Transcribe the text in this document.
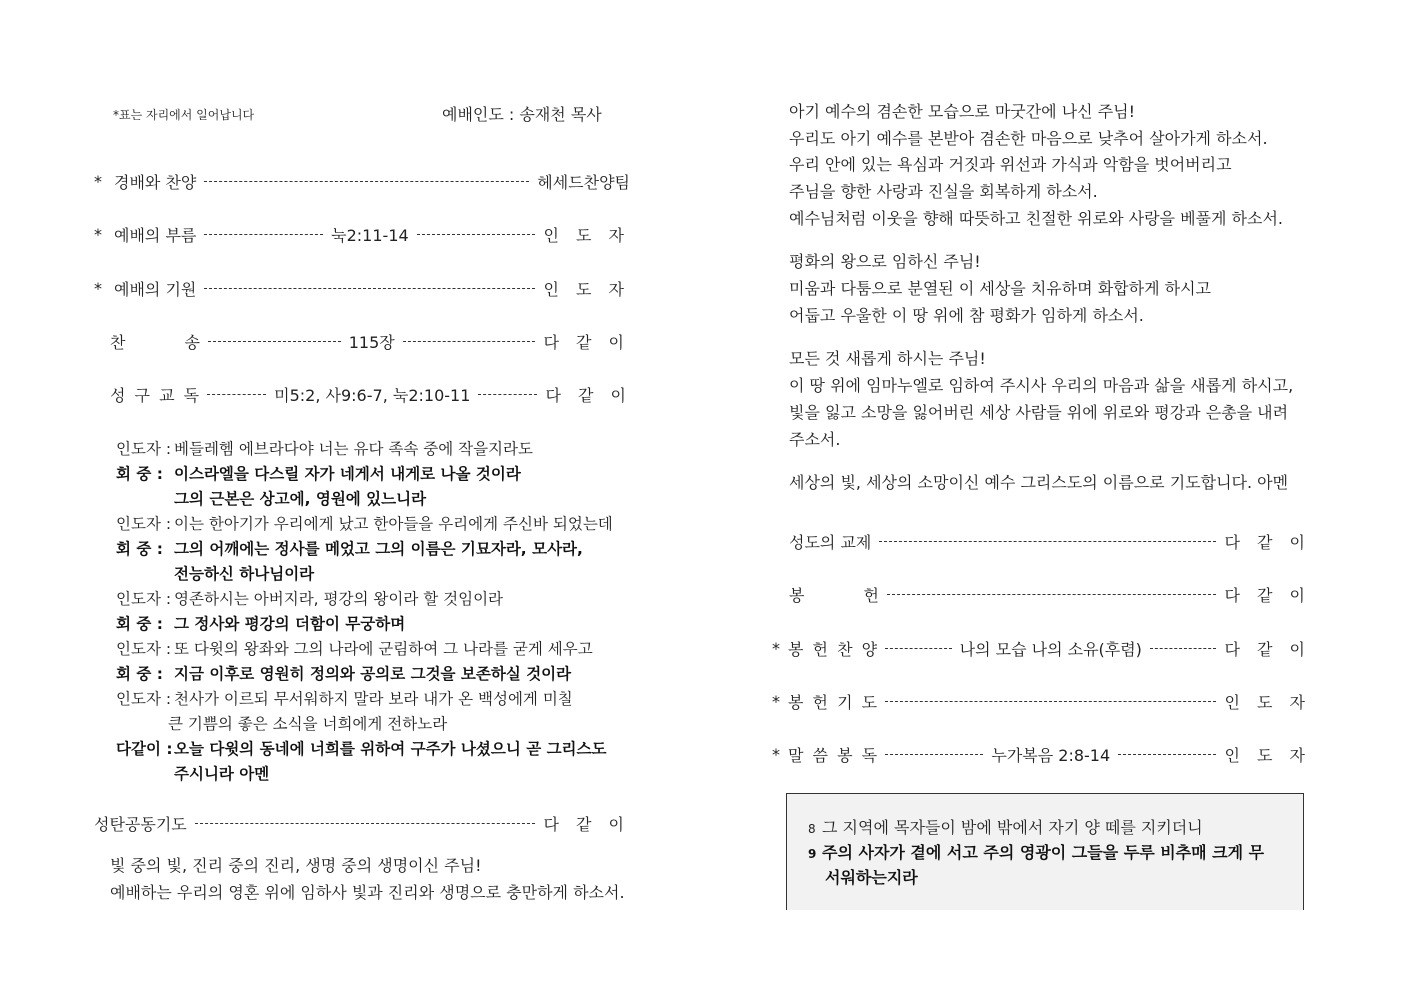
*표는 자리에서 일어납니다	예배인도 : 송재천 목사
* 경배와 찬양	헤세드찬양팀
* 예배의 부름	눅2:11-14	인 도 자
* 예배의 기원	인 도 자
찬 송	115장	다 같 이
성 구 교 독	미5:2, 사9:6-7, 눅2:10-11	다 같 이
인도자 : 베들레헴 에브라다야 너는 유다 족속 중에 작을지라도
회 중 : 이스라엘을 다스릴 자가 네게서 내게로 나올 것이라
그의 근본은 상고에, 영원에 있느니라
인도자 : 이는 한아기가 우리에게 났고 한아들을 우리에게 주신바 되었는데
회 중 : 그의 어깨에는 정사를 메었고 그의 이름은 기묘자라, 모사라,
전능하신 하나님이라
인도자 : 영존하시는 아버지라, 평강의 왕이라 할 것임이라
회 중 : 그 정사와 평강의 더함이 무궁하며
인도자 : 또 다윗의 왕좌와 그의 나라에 군림하여 그 나라를 굳게 세우고
회 중 : 지금 이후로 영원히 정의와 공의로 그것을 보존하실 것이라
인도자 : 천사가 이르되 무서워하지 말라 보라 내가 온 백성에게 미칠
큰 기쁨의 좋은 소식을 너희에게 전하노라
다같이 :오늘 다윗의 동네에 너희를 위하여 구주가 나셨으니 곧 그리스도
주시니라 아멘
성탄공동기도	다 같 이
빛 중의 빛, 진리 중의 진리, 생명 중의 생명이신 주님!
예배하는 우리의 영혼 위에 임하사 빛과 진리와 생명으로 충만하게 하소서.
아기 예수의 겸손한 모습으로 마굿간에 나신 주님!
우리도 아기 예수를 본받아 겸손한 마음으로 낮추어 살아가게 하소서.
우리 안에 있는 욕심과 거짓과 위선과 가식과 악함을 벗어버리고
주님을 향한 사랑과 진실을 회복하게 하소서.
예수님처럼 이웃을 향해 따뜻하고 친절한 위로와 사랑을 베풀게 하소서.
평화의 왕으로 임하신 주님!
미움과 다툼으로 분열된 이 세상을 치유하며 화합하게 하시고
어둡고 우울한 이 땅 위에 참 평화가 임하게 하소서.
모든 것 새롭게 하시는 주님!
이 땅 위에 임마누엘로 임하여 주시사 우리의 마음과 삶을 새롭게 하시고,
빛을 잃고 소망을 잃어버린 세상 사람들 위에 위로와 평강과 은총을 내려
주소서.
세상의 빛, 세상의 소망이신 예수 그리스도의 이름으로 기도합니다. 아멘
성도의 교제	다 같 이
봉 헌	다 같 이
* 봉 헌 찬 양	나의 모습 나의 소유(후렴)	다 같 이
* 봉 헌 기 도	인 도 자
* 말 씀 봉 독	누가복음 2:8-14	인 도 자
8 그 지역에 목자들이 밤에 밖에서 자기 양 떼를 지키더니
9 주의 사자가 곁에 서고 주의 영광이 그들을 두루 비추매 크게 무
서워하는지라
